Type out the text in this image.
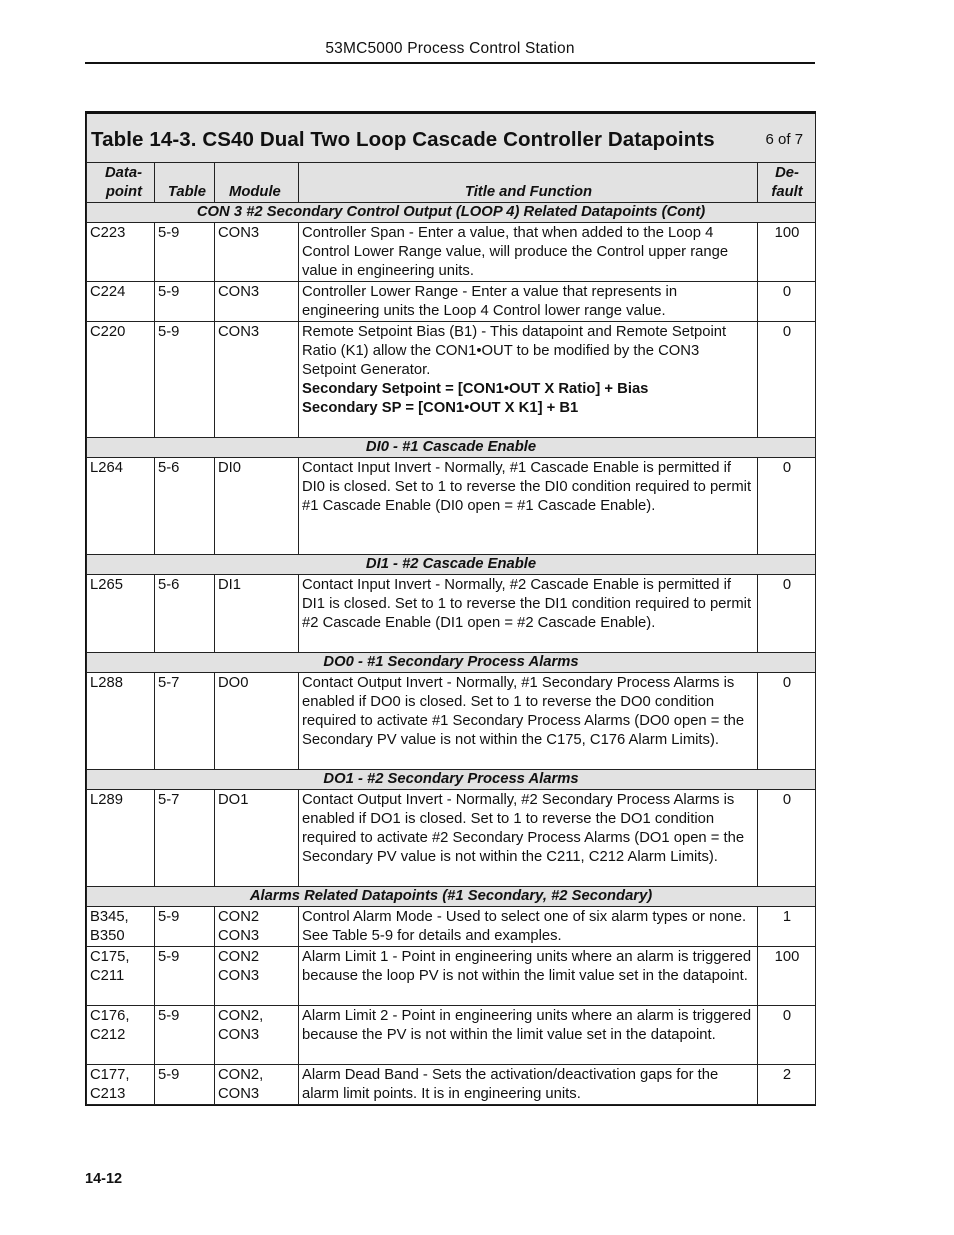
53MC5000 Process Control Station
Table 14-3. CS40 Dual Two Loop Cascade Controller Datapoints 6 of 7				

Data-
point	Table	Module	Title and Function	De-
fault
CON 3 #2 Secondary Control Output (LOOP 4) Related Datapoints (Cont)				
C223	5-9	CON3	Controller Span - Enter a value, that when added to the Loop 4 Control Lower Range value, will produce the Control upper range value in engineering units.	100
C224	5-9	CON3	Controller Lower Range - Enter a value that represents in engineering units the Loop 4 Control lower range value.	0
C220	5-9	CON3	Remote Setpoint Bias (B1) - This datapoint and Remote Setpoint Ratio (K1) allow the CON1•OUT to be modified by the CON3 Setpoint Generator.
Secondary Setpoint = [CON1•OUT X Ratio] + Bias
Secondary SP = [CON1•OUT X K1] + B1	0
DI0 - #1 Cascade Enable				
L264	5-6	DI0	Contact Input Invert - Normally, #1 Cascade Enable is permitted if DI0 is closed. Set to 1 to reverse the DI0 condition required to permit #1 Cascade Enable (DI0 open = #1 Cascade Enable).	0
DI1 - #2 Cascade Enable				
L265	5-6	DI1	Contact Input Invert - Normally, #2 Cascade Enable is permitted if DI1 is closed. Set to 1 to reverse the DI1 condition required to permit #2 Cascade Enable (DI1 open = #2 Cascade Enable).	0
DO0 - #1 Secondary Process Alarms				
L288	5-7	DO0	Contact Output Invert - Normally, #1 Secondary Process Alarms is enabled if DO0 is closed. Set to 1 to reverse the DO0 condition required to activate #1 Secondary Process Alarms (DO0 open = the Secondary PV value is not within the C175, C176 Alarm Limits).	0
DO1 - #2 Secondary Process Alarms				
L289	5-7	DO1	Contact Output Invert - Normally, #2 Secondary Process Alarms is enabled if DO1 is closed. Set to 1 to reverse the DO1 condition required to activate #2 Secondary Process Alarms (DO1 open = the Secondary PV value is not within the C211, C212 Alarm Limits).	0
Alarms Related Datapoints (#1 Secondary, #2 Secondary)				
B345,
B350	5-9	CON2
CON3	Control Alarm Mode - Used to select one of six alarm types or none. See Table 5-9 for details and examples.	1
C175,
C211	5-9	CON2
CON3	Alarm Limit 1 - Point in engineering units where an alarm is triggered because the loop PV is not within the limit value set in the datapoint.	100
C176,
C212	5-9	CON2,
CON3	Alarm Limit 2 - Point in engineering units where an alarm is triggered because the PV is not within the limit value set in the datapoint.	0
C177,
C213	5-9	CON2,
CON3	Alarm Dead Band - Sets the activation/deactivation gaps for the alarm limit points. It is in engineering units.	2
14-12
